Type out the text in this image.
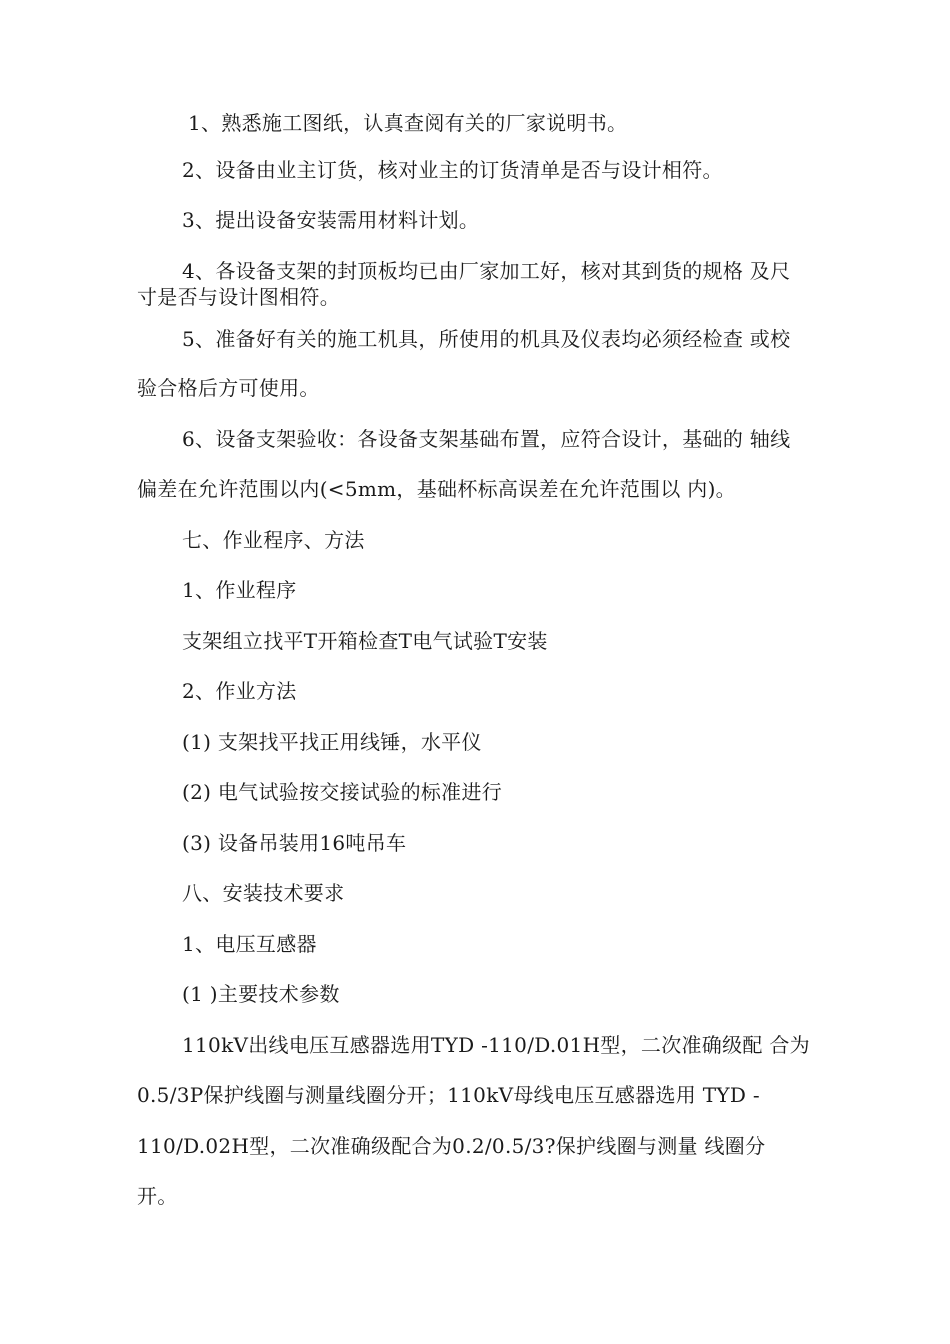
1、熟悉施工图纸，认真查阅有关的厂家说明书。
2、设备由业主订货，核对业主的订货清单是否与设计相符。
3、提出设备安装需用材料计划。
4、各设备支架的封顶板均已由厂家加工好，核对其到货的规格 及尺
寸是否与设计图相符。
5、准备好有关的施工机具，所使用的机具及仪表均必须经检查 或校
验合格后方可使用。
6、设备支架验收：各设备支架基础布置，应符合设计，基础的 轴线
偏差在允许范围以内(<5mm，基础杯标高误差在允许范围以 内)。
七、作业程序、方法
1、作业程序
支架组立找平T开箱检查T电气试验T安装
2、作业方法
(1) 支架找平找正用线锤，水平仪
(2) 电气试验按交接试验的标准进行
(3) 设备吊装用16吨吊车
八、安装技术要求
1、电压互感器
(1 )主要技术参数
110kV出线电压互感器选用TYD -110/D.01H型，二次准确级配 合为
0.5/3P保护线圈与测量线圈分开；110kV母线电压互感器选用 TYD -
110/D.02H型，二次准确级配合为0.2/0.5/3?保护线圈与测量 线圈分
开。
